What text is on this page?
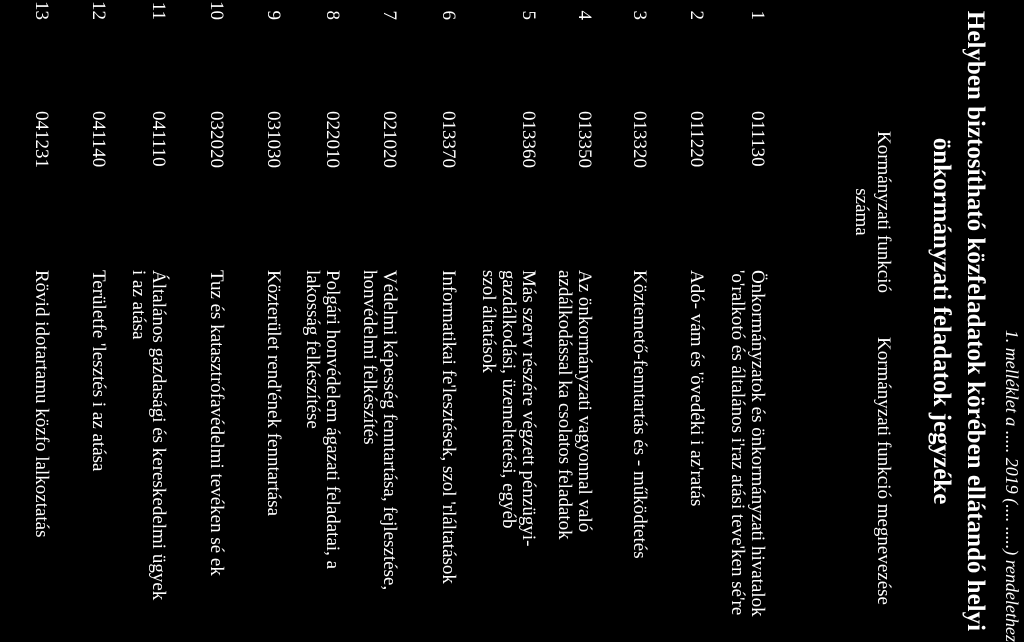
1. melléklet a ..... 2019 (.... .....) rendelethez
Helyben biztosítható közfeladatok körében ellátandó helyi
önkormányzati feladatok jegyzéke
Kormányzati funkció
száma
Kormányzati funkció megnevezése
1
011130
Önkormányzatok és önkormányzati hivatalok
'o'ralkotó és általános i'raz atási teve'ken sé're
2
011220
Adó- vám és 'övedéki i az'ratás
3
013320
Köztemető-fenntartás és - működtetés
4
013350
Az önkormányzati vagyonnal való
azdálkodással ka csolatos feladatok
5
013360
Más szerv részére végzett pénzügyi-
gazdálkodási, üzemeltetési, egyéb
szol áltatások
6
013370
Informatikai fe'lesztések, szol 'rláltatások
7
021020
Védelmi képesség fenntartása, fejlesztése,
honvédelmi felkészítés
8
022010
Polgári honvédelem ágazati feladatai, a
lakosság felkészítése
9
031030
Közterület rend'ének fenntartása
10
032020
Tuz és katasztrófavédelmi tevéken sé ek
11
041110
Általános gazdasági és kereskedelmi ügyek
i az atása
12
041140
Területfe 'lesztés i az atása
13
041231
Rövid idotartamu közfo lalkoztatás
